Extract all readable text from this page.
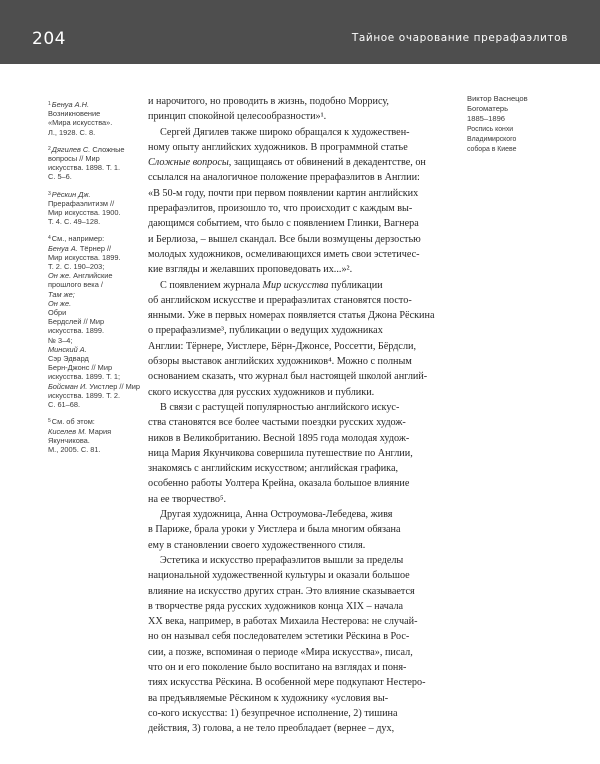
204	Тайное очарование прерафаэлитов
$^1$Бенуа А.Н.
Возникновение
«Мира искусства».
Л., 1928. С. 8.
$^2$Дягилев С. Сложные
вопросы // Мир
искусства. 1898. Т. 1.
С. 5–6.
$^3$Рёскин Дж.
Прерафаэлитизм //
Мир искусства. 1900.
Т. 4. С. 49–128.
$^4$См., например:
Бенуа А. Тёрнер //
Мир искусства. 1899.
Т. 2. С. 190–203;
Он же. Английские
прошлого века /
Там же;
Он же.
Обри
Бердслей // Мир
искусства. 1899.
№ 3–4;
Минский А.
Сэр Эдвард
Берн-Джонс // Мир
искусства. 1899. Т. 1;
Бойсман И. Уистлер // Мир
искусства. 1899. Т. 2.
С. 61–68.
$^5$См. об этом:
Киселев М. Мария
Якунчикова.
М., 2005. С. 81.
и нарочитого, но проводить в жизнь, подобно Моррису,
принцип спокойной целесообразности»¹.
Сергей Дягилев также широко обращался к художествен-
ному опыту английских художников. В программной статье
Сложные вопросы, защищаясь от обвинений в декадентстве, он
ссылался на аналогичное положение прерафаэлитов в Англии:
«В 50-м году, почти при первом появлении картин английских
прерафаэлитов, произошло то, что происходит с каждым вы-
дающимся событием, что было с появлением Глинки, Вагнера
и Берлиоза, – вышел скандал. Все были возмущены дерзостью
молодых художников, осмеливающихся иметь свои эстетичес-
кие взгляды и желавших проповедовать их...»².
С появлением журнала Мир искусства публикации
об английском искусстве и прерафаэлитах становятся посто-
янными. Уже в первых номерах появляется статья Джона Рёскина
о прерафаэлизме³, публикации о ведущих художниках
Англии: Тёрнере, Уистлере, Бёрн-Джонсе, Россетти, Бёрдсли,
обзоры выставок английских художников⁴. Можно с полным
основанием сказать, что журнал был настоящей школой англий-
ского искусства для русских художников и публики.
В связи с растущей популярностью английского искус-
ства становятся все более частыми поездки русских худож-
ников в Великобританию. Весной 1895 года молодая худож-
ница Мария Якунчикова совершила путешествие по Англии,
знакомясь с английским искусством; английская графика,
особенно работы Уолтера Крейна, оказала большое влияние
на ее творчество⁵.
Другая художница, Анна Остроумова-Лебедева, живя
в Париже, брала уроки у Уистлера и была многим обязана
ему в становлении своего художественного стиля.
Эстетика и искусство прерафаэлитов вышли за пределы
национальной художественной культуры и оказали большое
влияние на искусство других стран. Это влияние сказывается
в творчестве ряда русских художников конца XIX – начала
XX века, например, в работах Михаила Нестерова: не случай-
но он называл себя последователем эстетики Рёскина в Рос-
сии, а позже, вспоминая о периоде «Мира искусства», писал,
что он и его поколение было воспитано на взглядах и поня-
тиях искусства Рёскина. В особенной мере подкупают Нестеро-
ва предъявляемые Рёскином к художнику «условия вы-
со-кого искусства: 1) безупречное исполнение, 2) тишина
действия, 3) голова, а не тело преобладает (вернее – дух,
Виктор Васнецов
Богоматерь
1885–1896
Роспись конхи
Владимирского
собора в Киеве
